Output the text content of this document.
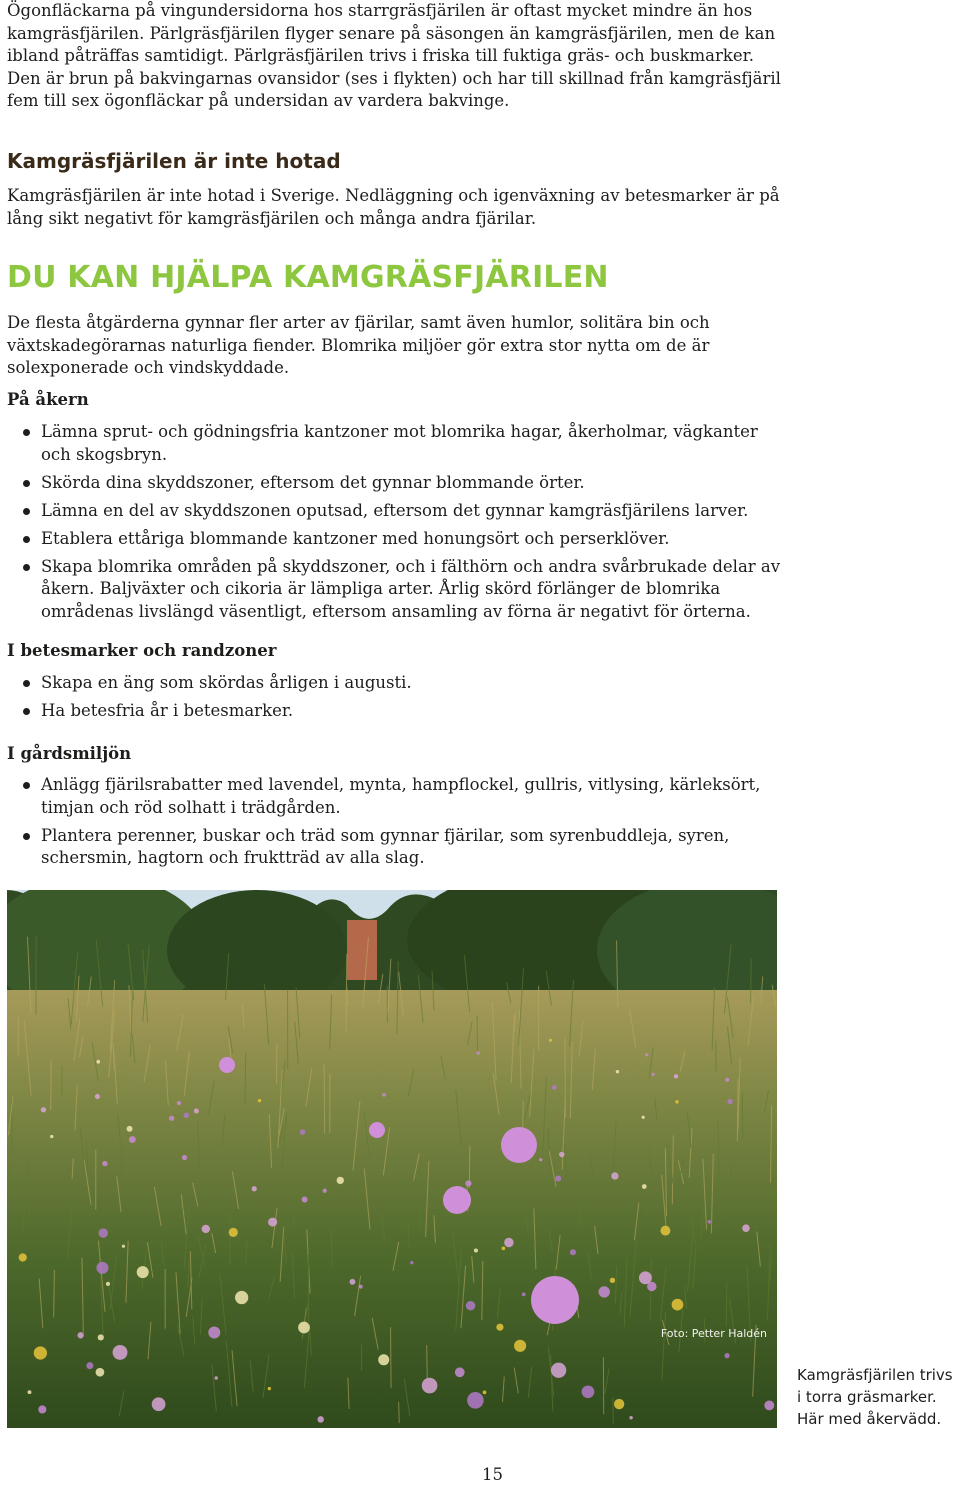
Ögonfläckarna på vingundersidorna hos starrgräsfjärilen är oftast mycket mindre än hos kamgräsfjärilen. Pärlgräsfjärilen flyger senare på säsongen än kamgräsfjärilen, men de kan ibland påträffas samtidigt. Pärlgräsfjärilen trivs i friska till fuktiga gräs- och buskmarker. Den är brun på bakvingarnas ovansidor (ses i flykten) och har till skillnad från kamgräsfjäril fem till sex ögonfläckar på undersidan av vardera bakvinge.

Kamgräsfjärilen är inte hotad

Kamgräsfjärilen är inte hotad i Sverige. Nedläggning och igenväxning av betesmarker är på lång sikt negativt för kamgräsfjärilen och många andra fjärilar.

DU KAN HJÄLPA KAMGRÄSFJÄRILEN

De flesta åtgärderna gynnar fler arter av fjärilar, samt även humlor, solitära bin och växtskadegörarnas naturliga fiender. Blomrika miljöer gör extra stor nytta om de är solexponerade och vindskyddade.

På åkern
Lämna sprut- och gödningsfria kantzoner mot blomrika hagar, åkerholmar, vägkanter och skogsbryn.
Skörda dina skyddszoner, eftersom det gynnar blommande örter.
Lämna en del av skyddszonen oputsad, eftersom det gynnar kamgräsfjärilens larver.
Etablera ettåriga blommande kantzoner med honungsört och perserklöver.
Skapa blomrika områden på skyddszoner, och i fälthörn och andra svårbrukade delar av åkern. Baljväxter och cikoria är lämpliga arter. Årlig skörd förlänger de blomrika områdenas livslängd väsentligt, eftersom ansamling av förna är negativt för örterna.
I betesmarker och randzoner
Skapa en äng som skördas årligen i augusti.
Ha betesfria år i betesmarker.
I gårdsmiljön
Anlägg fjärilsrabatter med lavendel, mynta, hampflockel, gullris, vitlysing, kärleksört, timjan och röd solhatt i trädgården.
Plantera perenner, buskar och träd som gynnar fjärilar, som syrenbuddleja, syren, schersmin, hagtorn och fruktträd av alla slag.
Foto: Petter Haldén

Kamgräsfjärilen trivs i torra gräsmarker. Här med åkervädd.

15
